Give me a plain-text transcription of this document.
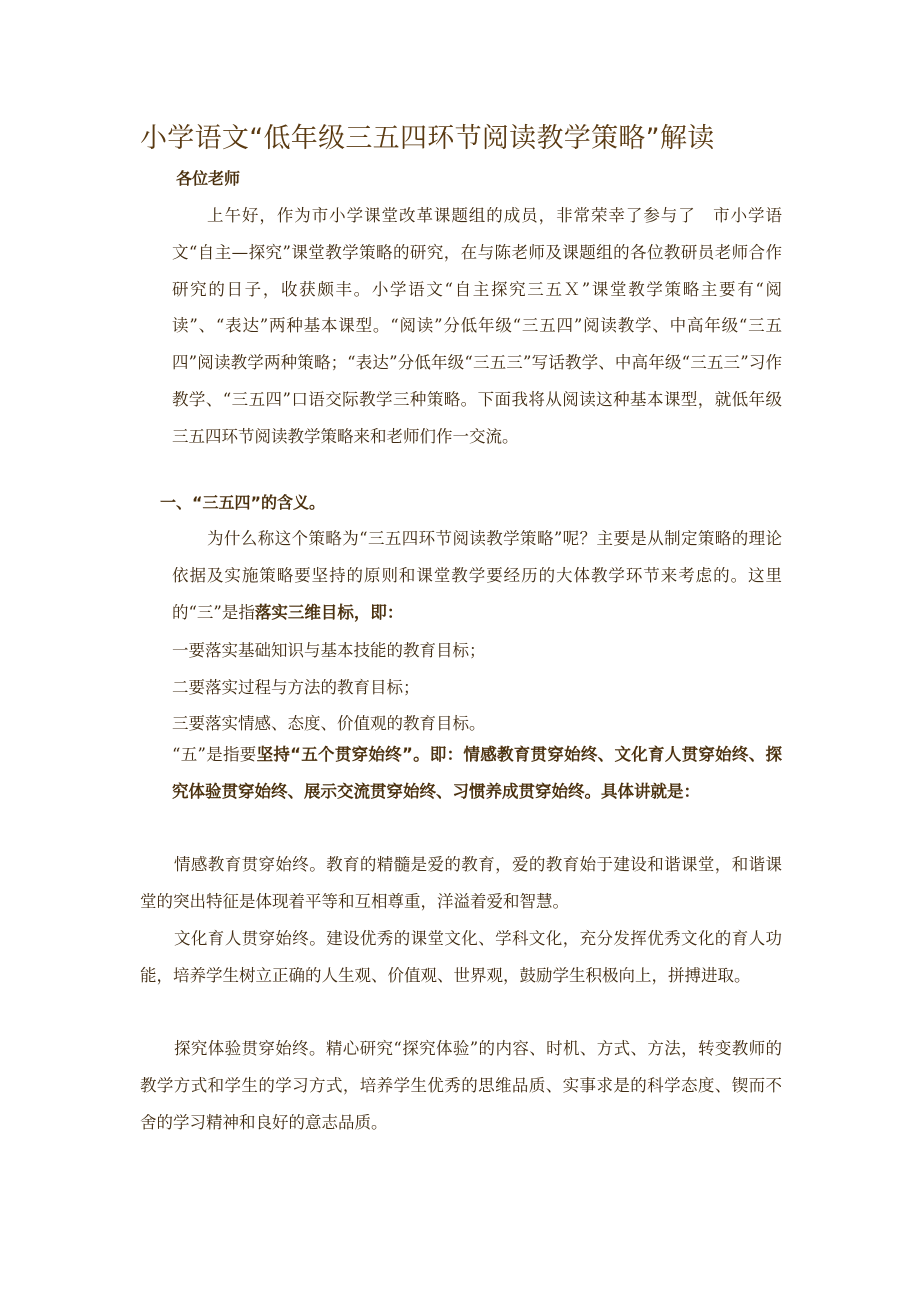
小学语文“低年级三五四环节阅读教学策略”解读

各位老师

上午好，作为市小学课堂改革课题组的成员，非常荣幸了参与了　市小学语文“自主—探究”课堂教学策略的研究，在与陈老师及课题组的各位教研员老师合作研究的日子，收获颇丰。小学语文“自主探究三五Ｘ”课堂教学策略主要有“阅读”、“表达”两种基本课型。“阅读”分低年级“三五四”阅读教学、中高年级“三五四”阅读教学两种策略；“表达”分低年级“三五三”写话教学、中高年级“三五三”习作教学、“三五四”口语交际教学三种策略。下面我将从阅读这种基本课型，就低年级三五四环节阅读教学策略来和老师们作一交流。

一、“三五四”的含义。

为什么称这个策略为“三五四环节阅读教学策略”呢？主要是从制定策略的理论依据及实施策略要坚持的原则和课堂教学要经历的大体教学环节来考虑的。这里的“三”是指落实三维目标，即：

一要落实基础知识与基本技能的教育目标；

二要落实过程与方法的教育目标；

三要落实情感、态度、价值观的教育目标。

“五”是指要坚持“五个贯穿始终”。即：情感教育贯穿始终、文化育人贯穿始终、探究体验贯穿始终、展示交流贯穿始终、习惯养成贯穿始终。具体讲就是：

情感教育贯穿始终。教育的精髓是爱的教育，爱的教育始于建设和谐课堂，和谐课堂的突出特征是体现着平等和互相尊重，洋溢着爱和智慧。

文化育人贯穿始终。建设优秀的课堂文化、学科文化，充分发挥优秀文化的育人功能，培养学生树立正确的人生观、价值观、世界观，鼓励学生积极向上，拼搏进取。

探究体验贯穿始终。精心研究“探究体验”的内容、时机、方式、方法，转变教师的教学方式和学生的学习方式，培养学生优秀的思维品质、实事求是的科学态度、锲而不舍的学习精神和良好的意志品质。
